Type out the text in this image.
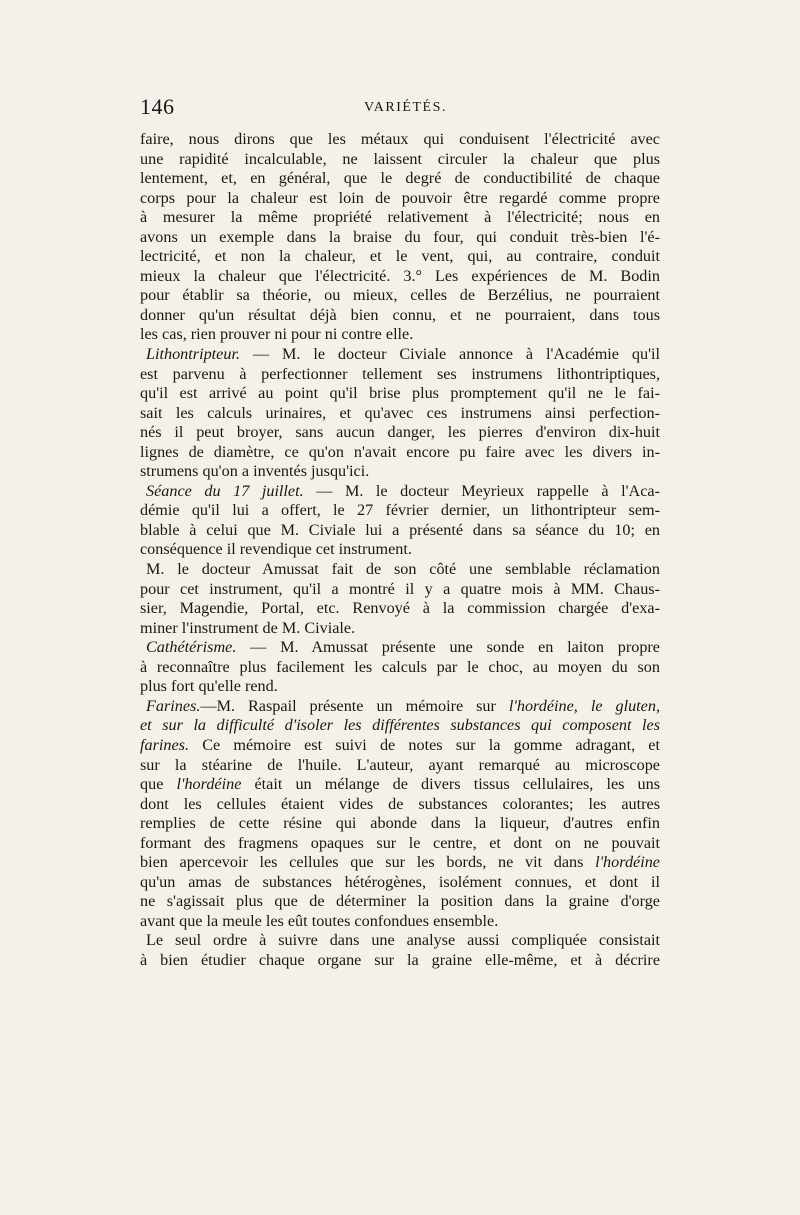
146	VARIÉTÉS.
faire, nous dirons que les métaux qui conduisent l'électricité avec
une rapidité incalculable, ne laissent circuler la chaleur que plus
lentement, et, en général, que le degré de conductibilité de chaque
corps pour la chaleur est loin de pouvoir être regardé comme propre
à mesurer la même propriété relativement à l'électricité; nous en
avons un exemple dans la braise du four, qui conduit très-bien l'é-
lectricité, et non la chaleur, et le vent, qui, au contraire, conduit
mieux la chaleur que l'électricité. 3.° Les expériences de M. Bodin
pour établir sa théorie, ou mieux, celles de Berzélius, ne pourraient
donner qu'un résultat déjà bien connu, et ne pourraient, dans tous
les cas, rien prouver ni pour ni contre elle.
Lithontripteur. — M. le docteur Civiale annonce à l'Académie qu'il
est parvenu à perfectionner tellement ses instrumens lithontriptiques,
qu'il est arrivé au point qu'il brise plus promptement qu'il ne le fai-
sait les calculs urinaires, et qu'avec ces instrumens ainsi perfection-
nés il peut broyer, sans aucun danger, les pierres d'environ dix-huit
lignes de diamètre, ce qu'on n'avait encore pu faire avec les divers in-
strumens qu'on a inventés jusqu'ici.
Séance du 17 juillet. — M. le docteur Meyrieux rappelle à l'Aca-
démie qu'il lui a offert, le 27 février dernier, un lithontripteur sem-
blable à celui que M. Civiale lui a présenté dans sa séance du 10; en
conséquence il revendique cet instrument.
M. le docteur Amussat fait de son côté une semblable réclamation
pour cet instrument, qu'il a montré il y a quatre mois à MM. Chaus-
sier, Magendie, Portal, etc. Renvoyé à la commission chargée d'exa-
miner l'instrument de M. Civiale.
Cathétérisme. — M. Amussat présente une sonde en laiton propre
à reconnaître plus facilement les calculs par le choc, au moyen du son
plus fort qu'elle rend.
Farines.—M. Raspail présente un mémoire sur l'hordéine, le gluten,
et sur la difficulté d'isoler les différentes substances qui composent les
farines. Ce mémoire est suivi de notes sur la gomme adragant, et
sur la stéarine de l'huile. L'auteur, ayant remarqué au microscope
que l'hordéine était un mélange de divers tissus cellulaires, les uns
dont les cellules étaient vides de substances colorantes; les autres
remplies de cette résine qui abonde dans la liqueur, d'autres enfin
formant des fragmens opaques sur le centre, et dont on ne pouvait
bien apercevoir les cellules que sur les bords, ne vit dans l'hordéine
qu'un amas de substances hétérogènes, isolément connues, et dont il
ne s'agissait plus que de déterminer la position dans la graine d'orge
avant que la meule les eût toutes confondues ensemble.
Le seul ordre à suivre dans une analyse aussi compliquée consistait
à bien étudier chaque organe sur la graine elle-même, et à décrire
